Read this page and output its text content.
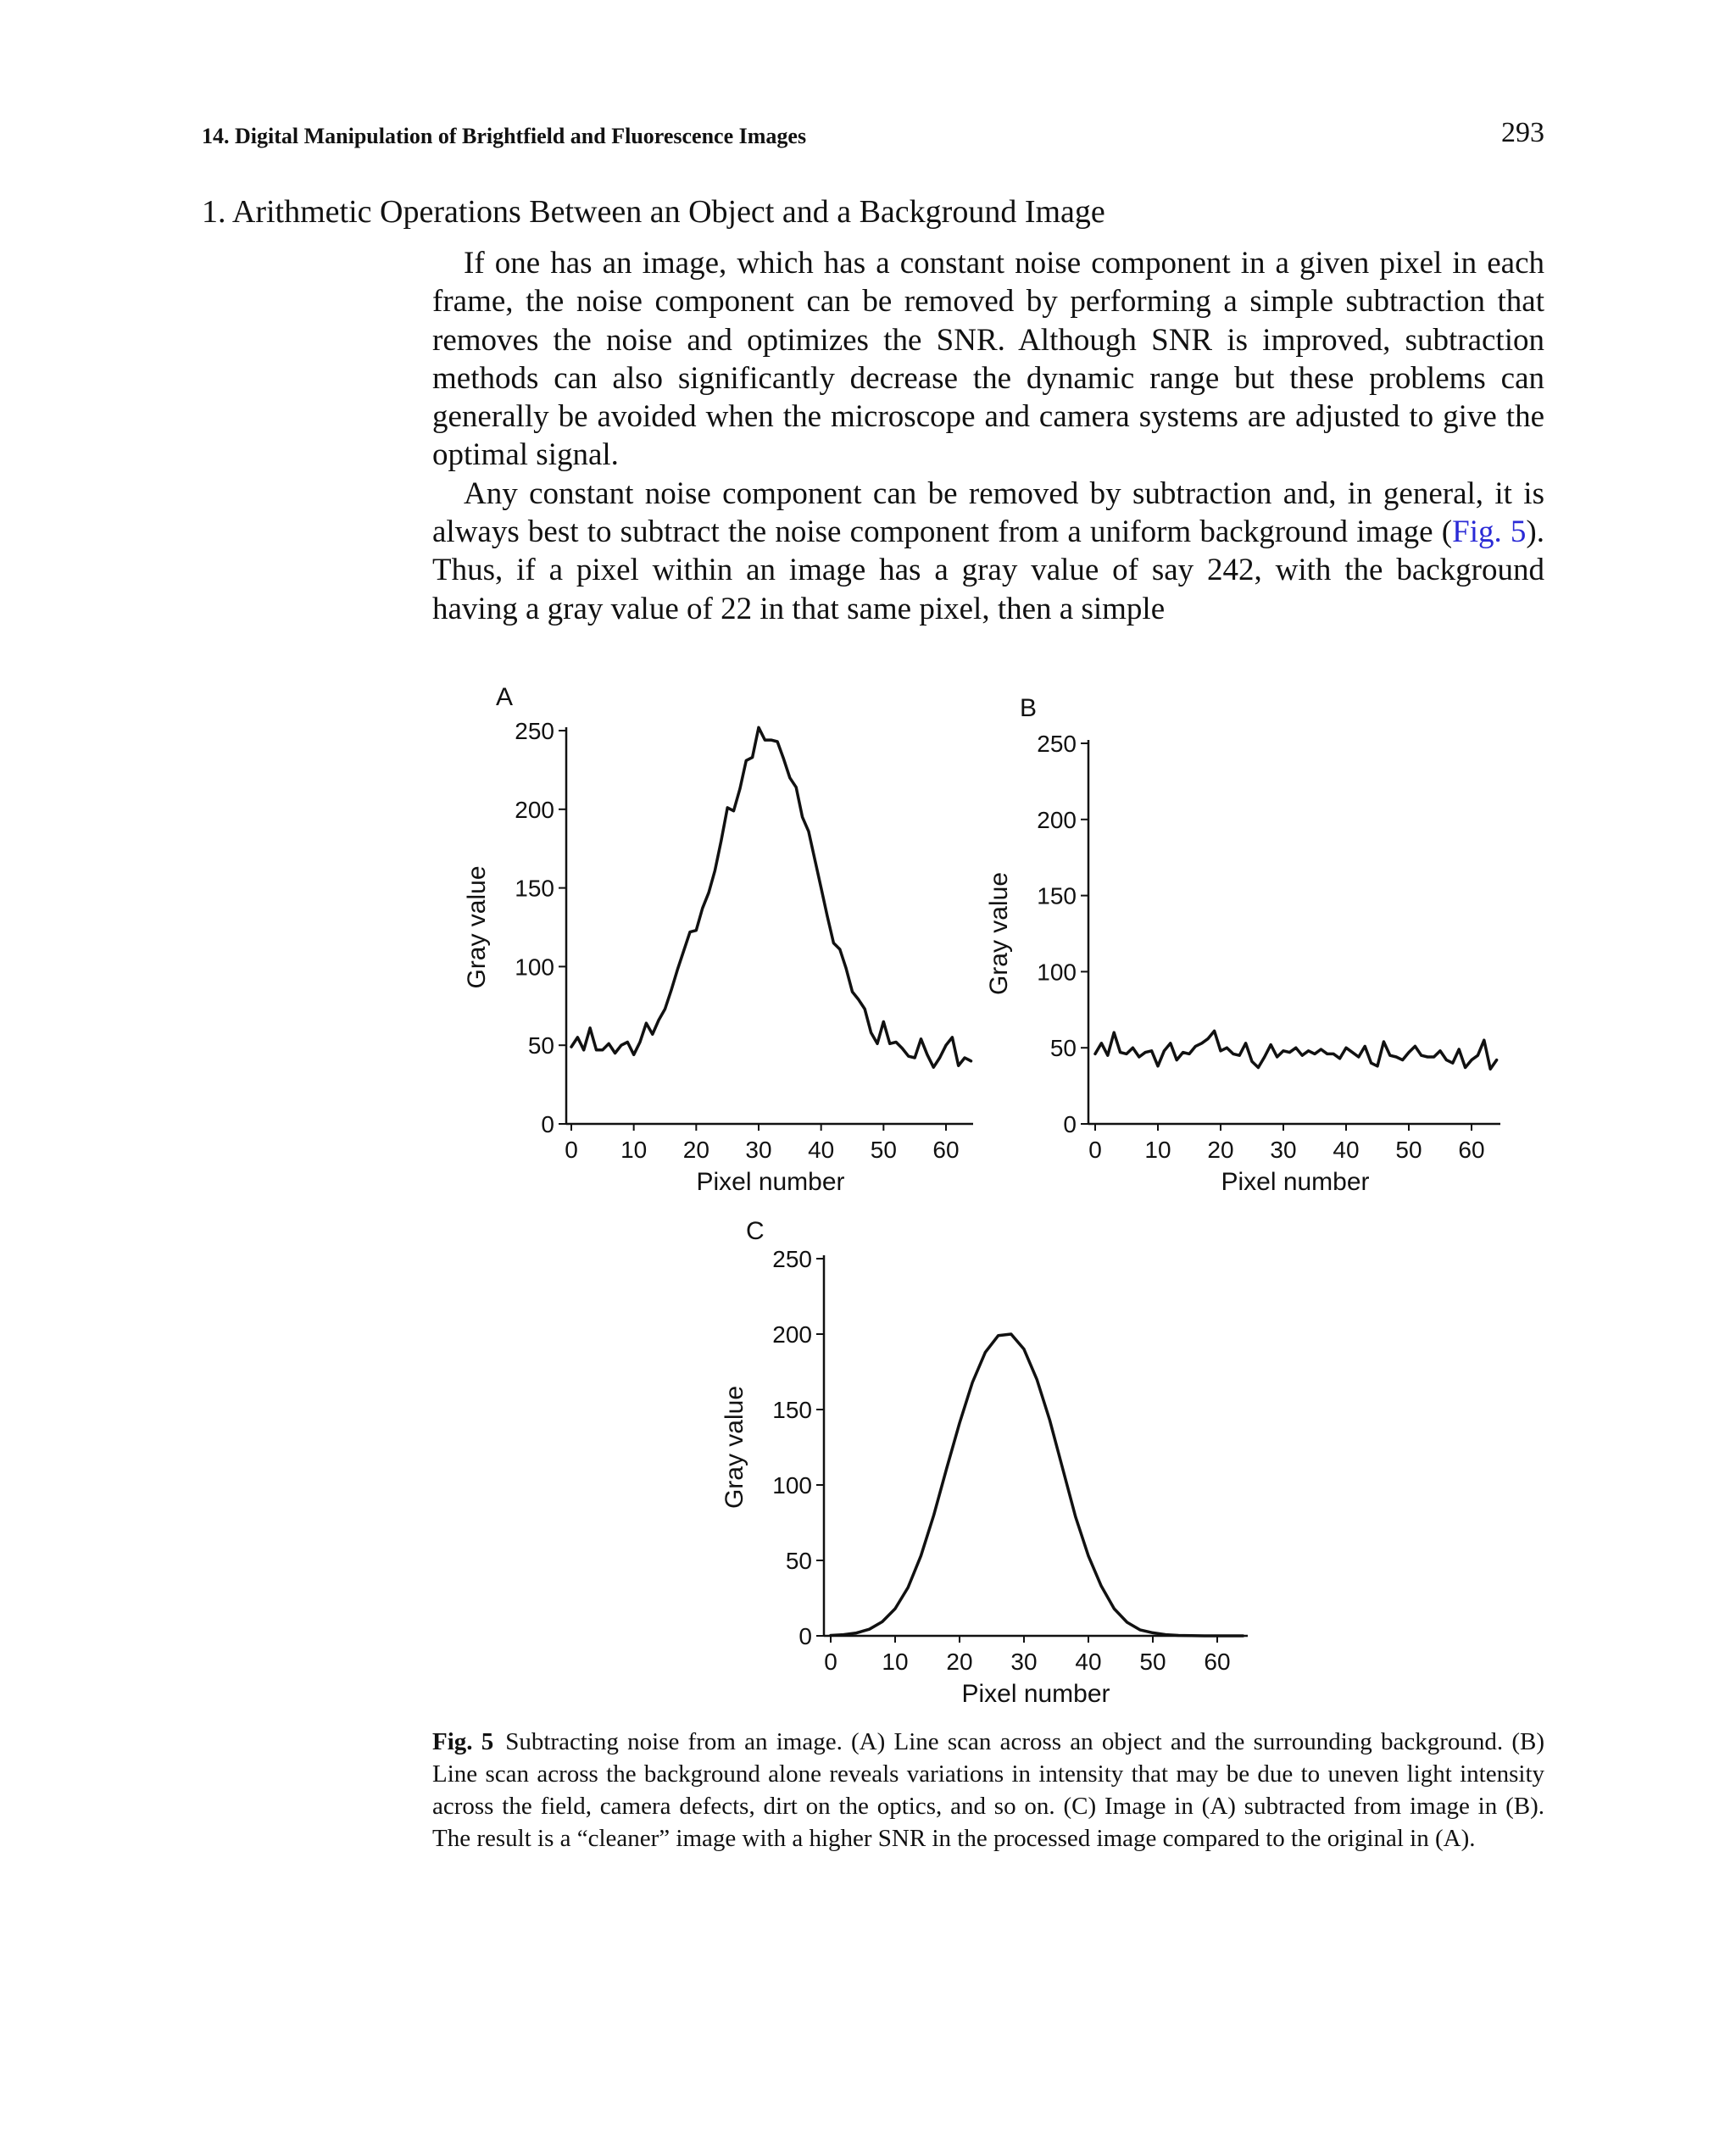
14. Digital Manipulation of Brightfield and Fluorescence Images	293
1. Arithmetic Operations Between an Object and a Background Image

If one has an image, which has a constant noise component in a given pixel in each frame, the noise component can be removed by performing a simple subtraction that removes the noise and optimizes the SNR. Although SNR is improved, subtraction methods can also significantly decrease the dynamic range but these problems can generally be avoided when the microscope and camera systems are adjusted to give the optimal signal.

Any constant noise component can be removed by subtraction and, in general, it is always best to subtract the noise component from a uniform background image (Fig. 5). Thus, if a pixel within an image has a gray value of say 242, with the background having a gray value of 22 in that same pixel, then a simple

0
50
100
150
200
250
0 10 20 30 40 50 60
Pixel number
Gray value
A
0
50
100
150
200
250
0 10 20 30 40 50 60
Pixel number
Gray value
B
0
50
100
150
200
250
0 10 20 30 40 50 60
Pixel number
Gray value
C
Fig. 5 Subtracting noise from an image. (A) Line scan across an object and the surrounding background. (B) Line scan across the background alone reveals variations in intensity that may be due to uneven light intensity across the field, camera defects, dirt on the optics, and so on. (C) Image in (A) subtracted from image in (B). The result is a “cleaner” image with a higher SNR in the processed image compared to the original in (A).
